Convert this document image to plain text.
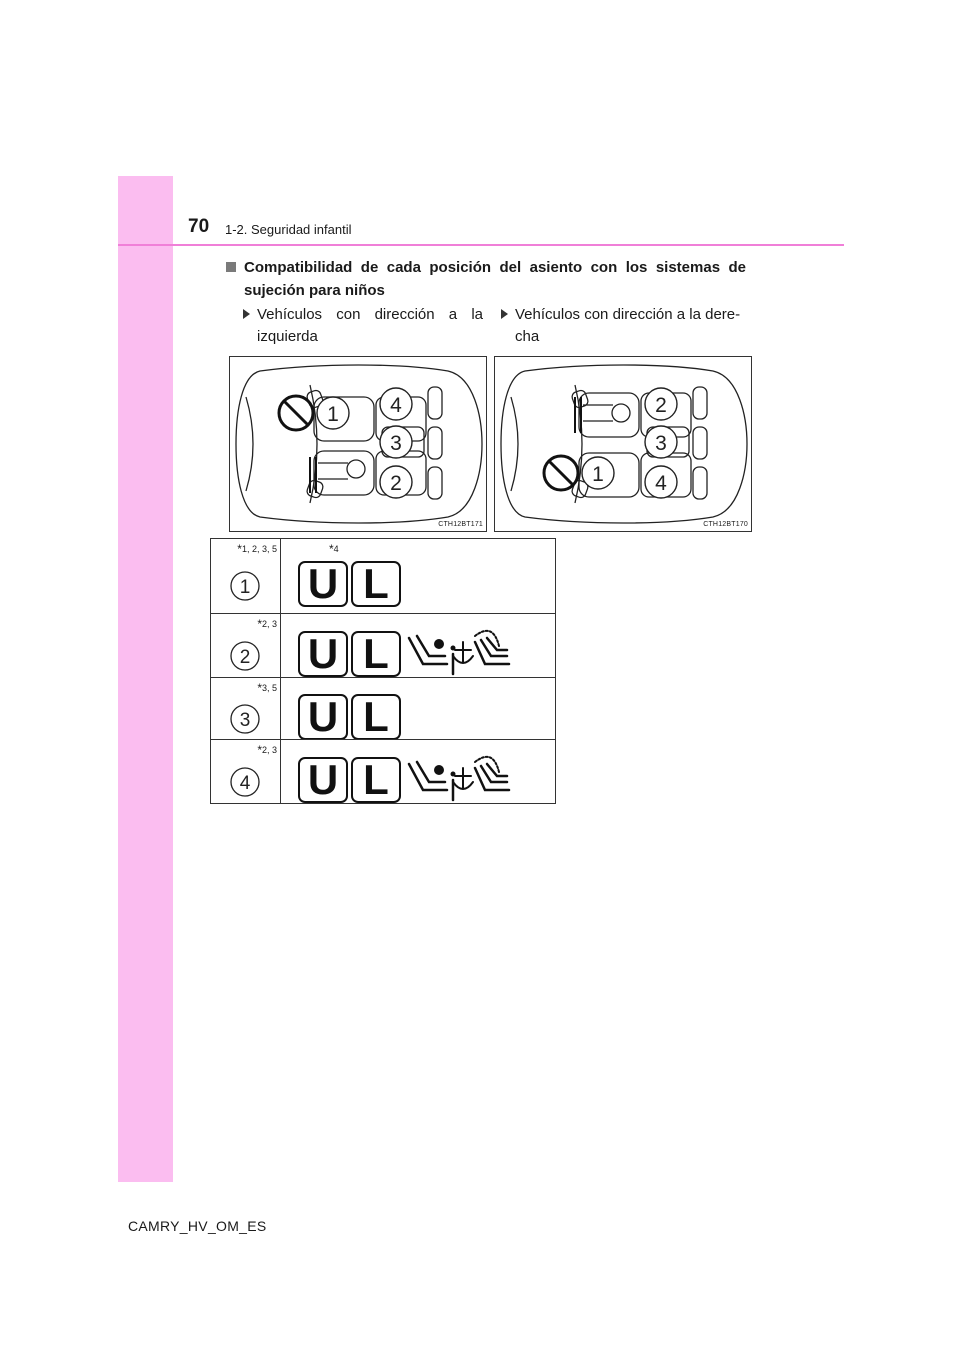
70 1-2. Seguridad infantil
Compatibilidad de cada posición del asiento con los sistemas de sujeción para niños
Vehículos con dirección a la izquierda
Vehículos con dirección a la dere- cha
1
2
3
4
CTH12BT171
1
2
3
4
CTH12BT170
1 U L
*1, 2, 3, 5	*4
2 U L
*2, 3
3 U L
*3, 5
4 U L
*2, 3
CAMRY_HV_OM_ES
